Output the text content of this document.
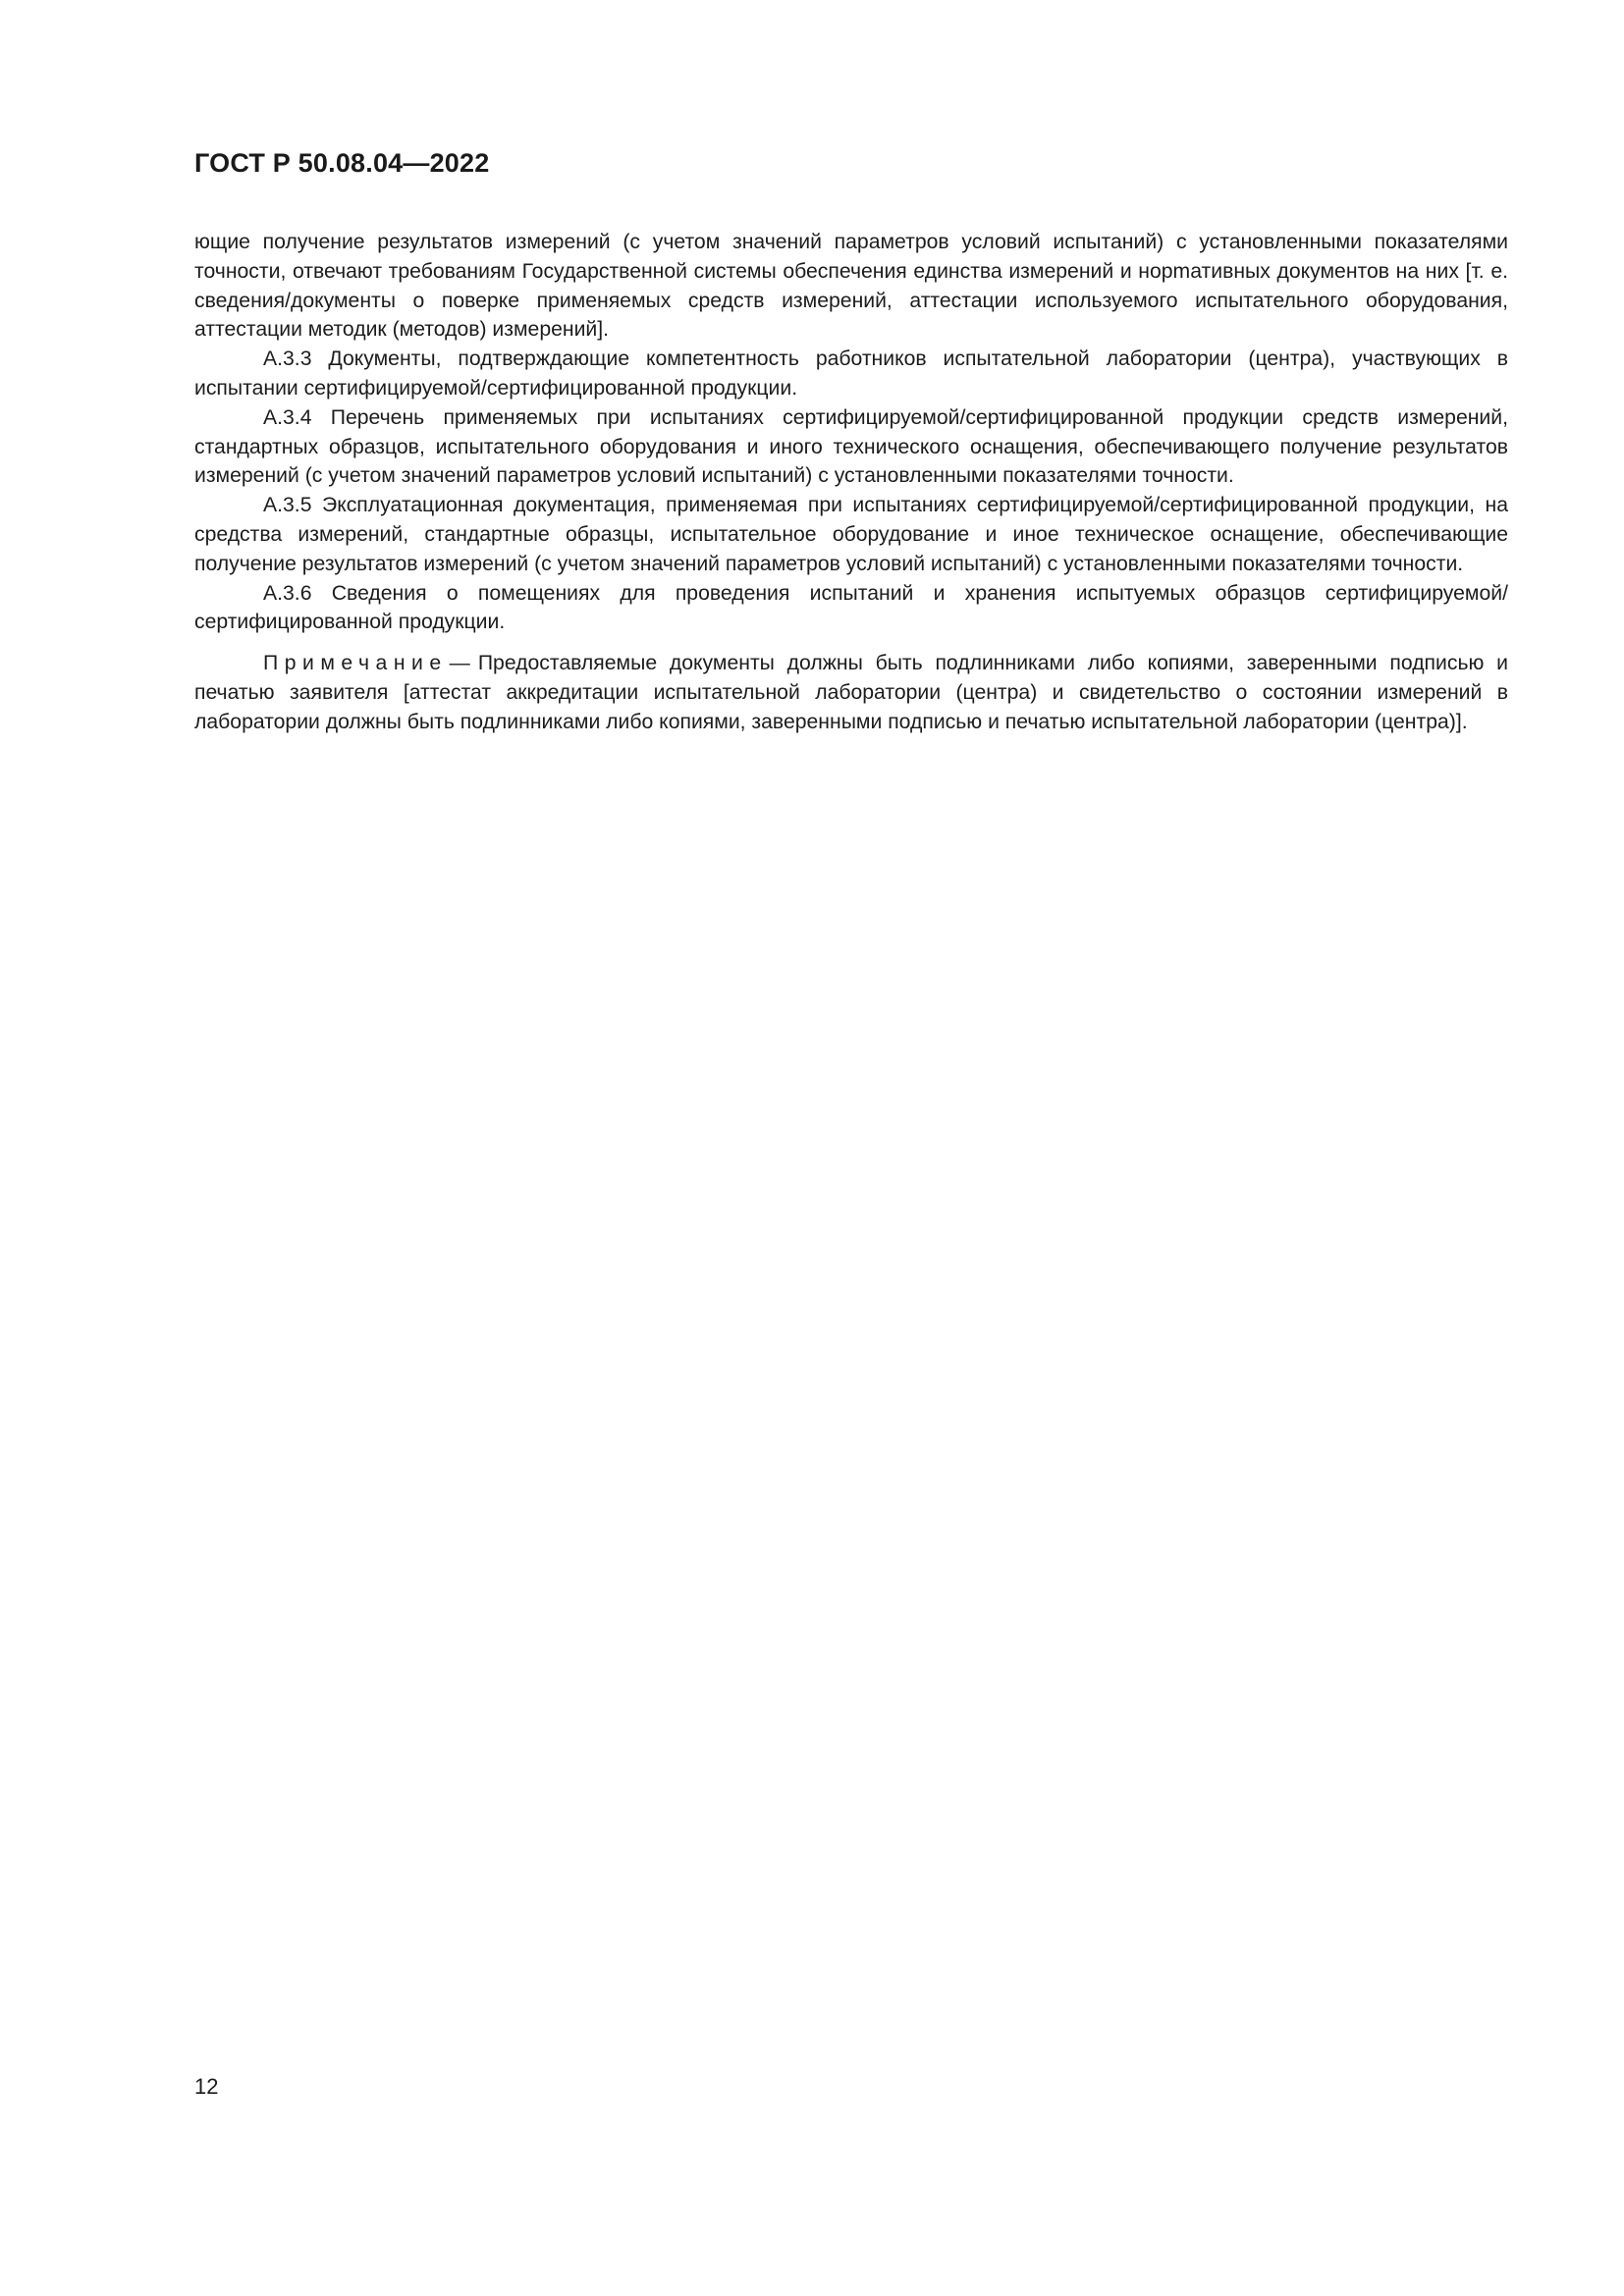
ГОСТ Р 50.08.04—2022

ющие получение результатов измерений (с учетом значений параметров условий испытаний) с установленными показателями точности, отвечают требованиям Государственной системы обеспечения единства измерений и норmативных документов на них [т. е. сведения/документы о поверке применяемых средств измерений, аттестации используемого испытательного оборудования, аттестации методик (методов) измерений].

А.3.3 Документы, подтверждающие компетентность работников испытательной лаборатории (центра), участвующих в испытании сертифицируемой/сертифицированной продукции.

А.3.4 Перечень применяемых при испытаниях сертифицируемой/сертифицированной продукции средств измерений, стандартных образцов, испытательного оборудования и иного технического оснащения, обеспечивающего получение результатов измерений (с учетом значений параметров условий испытаний) с установленными показателями точности.

А.3.5 Эксплуатационная документация, применяемая при испытаниях сертифицируемой/сертифицированной продукции, на средства измерений, стандартные образцы, испытательное оборудование и иное техническое оснащение, обеспечивающие получение результатов измерений (с учетом значений параметров условий испытаний) с установленными показателями точности.

А.3.6 Сведения о помещениях для проведения испытаний и хранения испытуемых образцов сертифицируемой/сертифицированной продукции.

Примечание— Предоставляемые документы должны быть подлинниками либо копиями, заверенными подписью и печатью заявителя [аттестат аккредитации испытательной лаборатории (центра) и свидетельство о состоянии измерений в лаборатории должны быть подлинниками либо копиями, заверенными подписью и печатью испытательной лаборатории (центра)].

12
